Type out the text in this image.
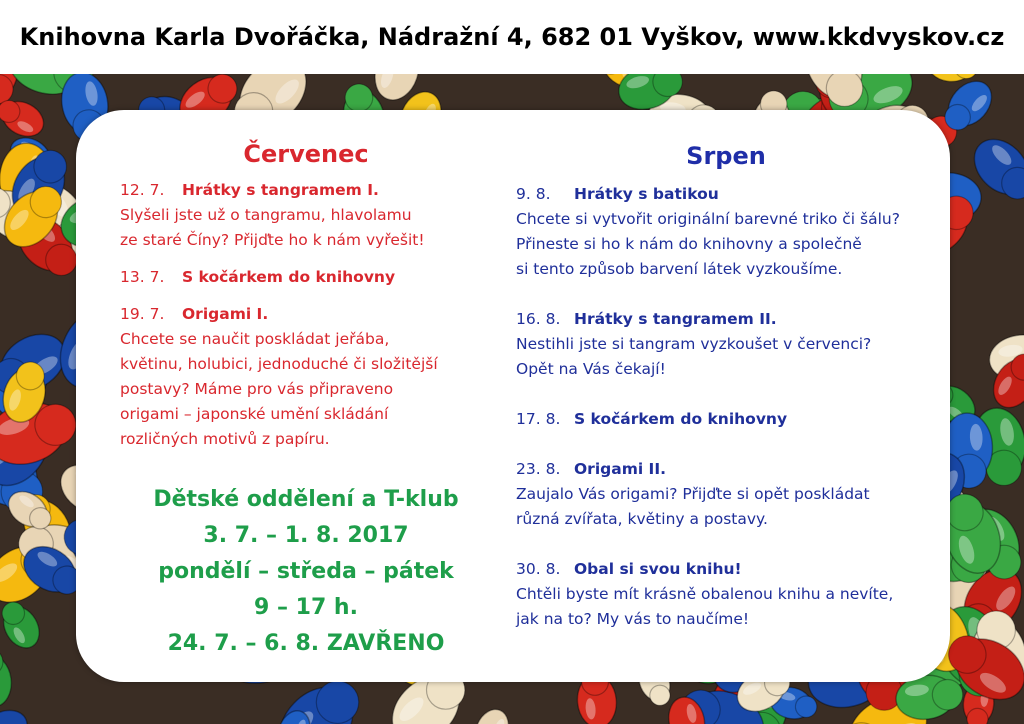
Knihovna Karla Dvořáčka, Nádražní 4, 682 01 Vyškov, www.kkdvyskov.cz
Červenec
12. 7. Hrátky s tangramem I.
Slyšeli jste už o tangramu, hlavolamu
ze staré Číny? Přijďte ho k nám vyřešit!
13. 7. S kočárkem do knihovny
19. 7. Origami I.
Chcete se naučit poskládat jeřába,
květinu, holubici, jednoduché či složitější
postavy? Máme pro vás připraveno
origami – japonské umění skládání
rozličných motivů z papíru.
Srpen
9. 8. Hrátky s batikou
Chcete si vytvořit originální barevné triko či šálu?
Přineste si ho k nám do knihovny a společně
si tento způsob barvení látek vyzkoušíme.
16. 8. Hrátky s tangramem II.
Nestihli jste si tangram vyzkoušet v červenci?
Opět na Vás čekají!
17. 8. S kočárkem do knihovny
23. 8. Origami II.
Zaujalo Vás origami? Přijďte si opět poskládat
různá zvířata, květiny a postavy.
30. 8. Obal si svou knihu!
Chtěli byste mít krásně obalenou knihu a nevíte,
jak na to? My vás to naučíme!
Dětské oddělení a T-klub
3. 7. – 1. 8. 2017
pondělí – středa – pátek
9 – 17 h.
24. 7. – 6. 8. ZAVŘENO
